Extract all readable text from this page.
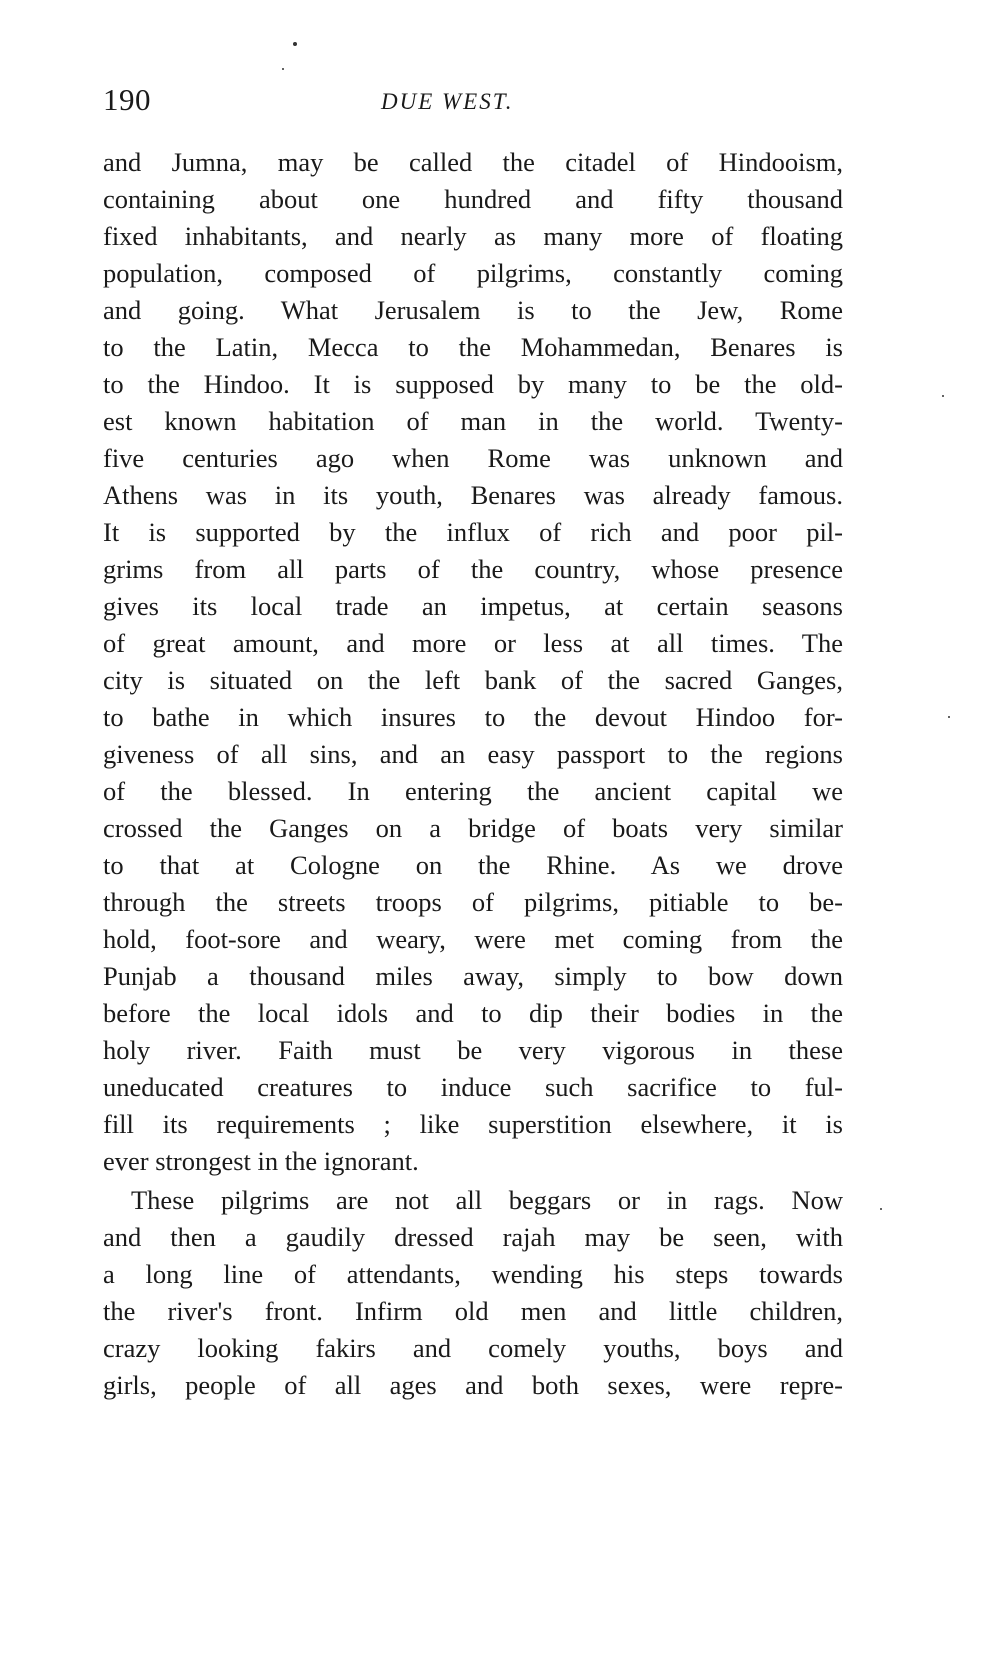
190	DUE WEST.
and Jumna, may be called the citadel of Hindooism,
containing about one hundred and fifty thousand
fixed inhabitants, and nearly as many more of floating
population, composed of pilgrims, constantly coming
and going. What Jerusalem is to the Jew, Rome
to the Latin, Mecca to the Mohammedan, Benares is
to the Hindoo. It is supposed by many to be the old-
est known habitation of man in the world. Twenty-
five centuries ago when Rome was unknown and
Athens was in its youth, Benares was already famous.
It is supported by the influx of rich and poor pil-
grims from all parts of the country, whose presence
gives its local trade an impetus, at certain seasons
of great amount, and more or less at all times. The
city is situated on the left bank of the sacred Ganges,
to bathe in which insures to the devout Hindoo for-
giveness of all sins, and an easy passport to the regions
of the blessed. In entering the ancient capital we
crossed the Ganges on a bridge of boats very similar
to that at Cologne on the Rhine. As we drove
through the streets troops of pilgrims, pitiable to be-
hold, foot-sore and weary, were met coming from the
Punjab a thousand miles away, simply to bow down
before the local idols and to dip their bodies in the
holy river. Faith must be very vigorous in these
uneducated creatures to induce such sacrifice to ful-
fill its requirements ; like superstition elsewhere, it is
ever strongest in the ignorant.
These pilgrims are not all beggars or in rags. Now
and then a gaudily dressed rajah may be seen, with
a long line of attendants, wending his steps towards
the river's front. Infirm old men and little children,
crazy looking fakirs and comely youths, boys and
girls, people of all ages and both sexes, were repre-
